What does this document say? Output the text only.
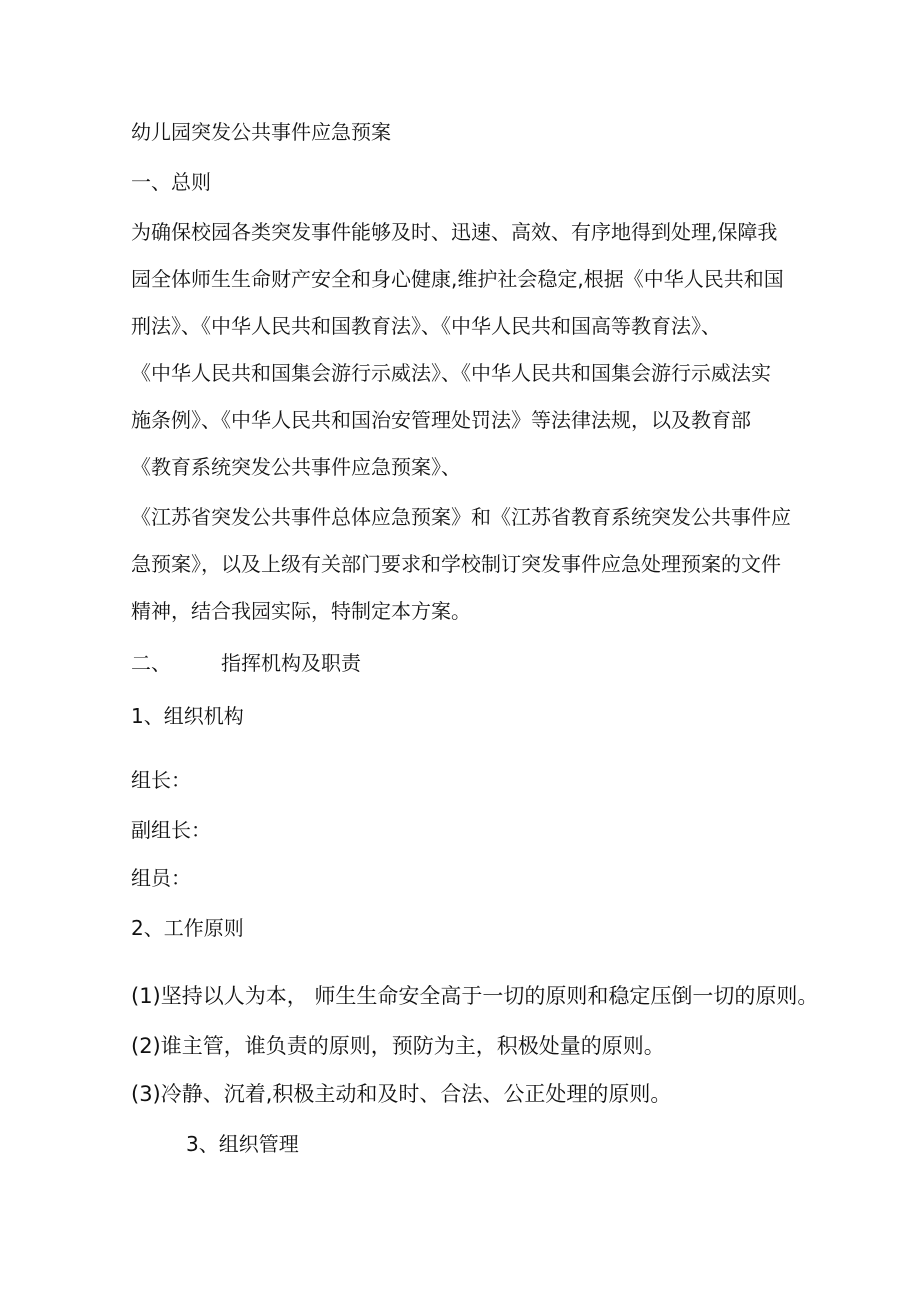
幼儿园突发公共事件应急预案
一、总则
为确保校园各类突发事件能够及时、迅速、高效、有序地得到处理,保障我
园全体师生生命财产安全和身心健康,维护社会稳定,根据《中华人民共和国
刑法》、《中华人民共和国教育法》、《中华人民共和国高等教育法》、
《中华人民共和国集会游行示威法》、《中华人民共和国集会游行示威法实
施条例》、《中华人民共和国治安管理处罚法》等法律法规，以及教育部
《教育系统突发公共事件应急预案》、
《江苏省突发公共事件总体应急预案》和《江苏省教育系统突发公共事件应
急预案》，以及上级有关部门要求和学校制订突发事件应急处理预案的文件
精神，结合我园实际，特制定本方案。
二、	指挥机构及职责
1、组织机构
组长：
副组长：
组员：
2、工作原则
(1)坚持以人为本， 师生生命安全高于一切的原则和稳定压倒一切的原则。
(2)谁主管，谁负责的原则，预防为主，积极处量的原则。
(3)冷静、沉着,积极主动和及时、合法、公正处理的原则。
3、组织管理
